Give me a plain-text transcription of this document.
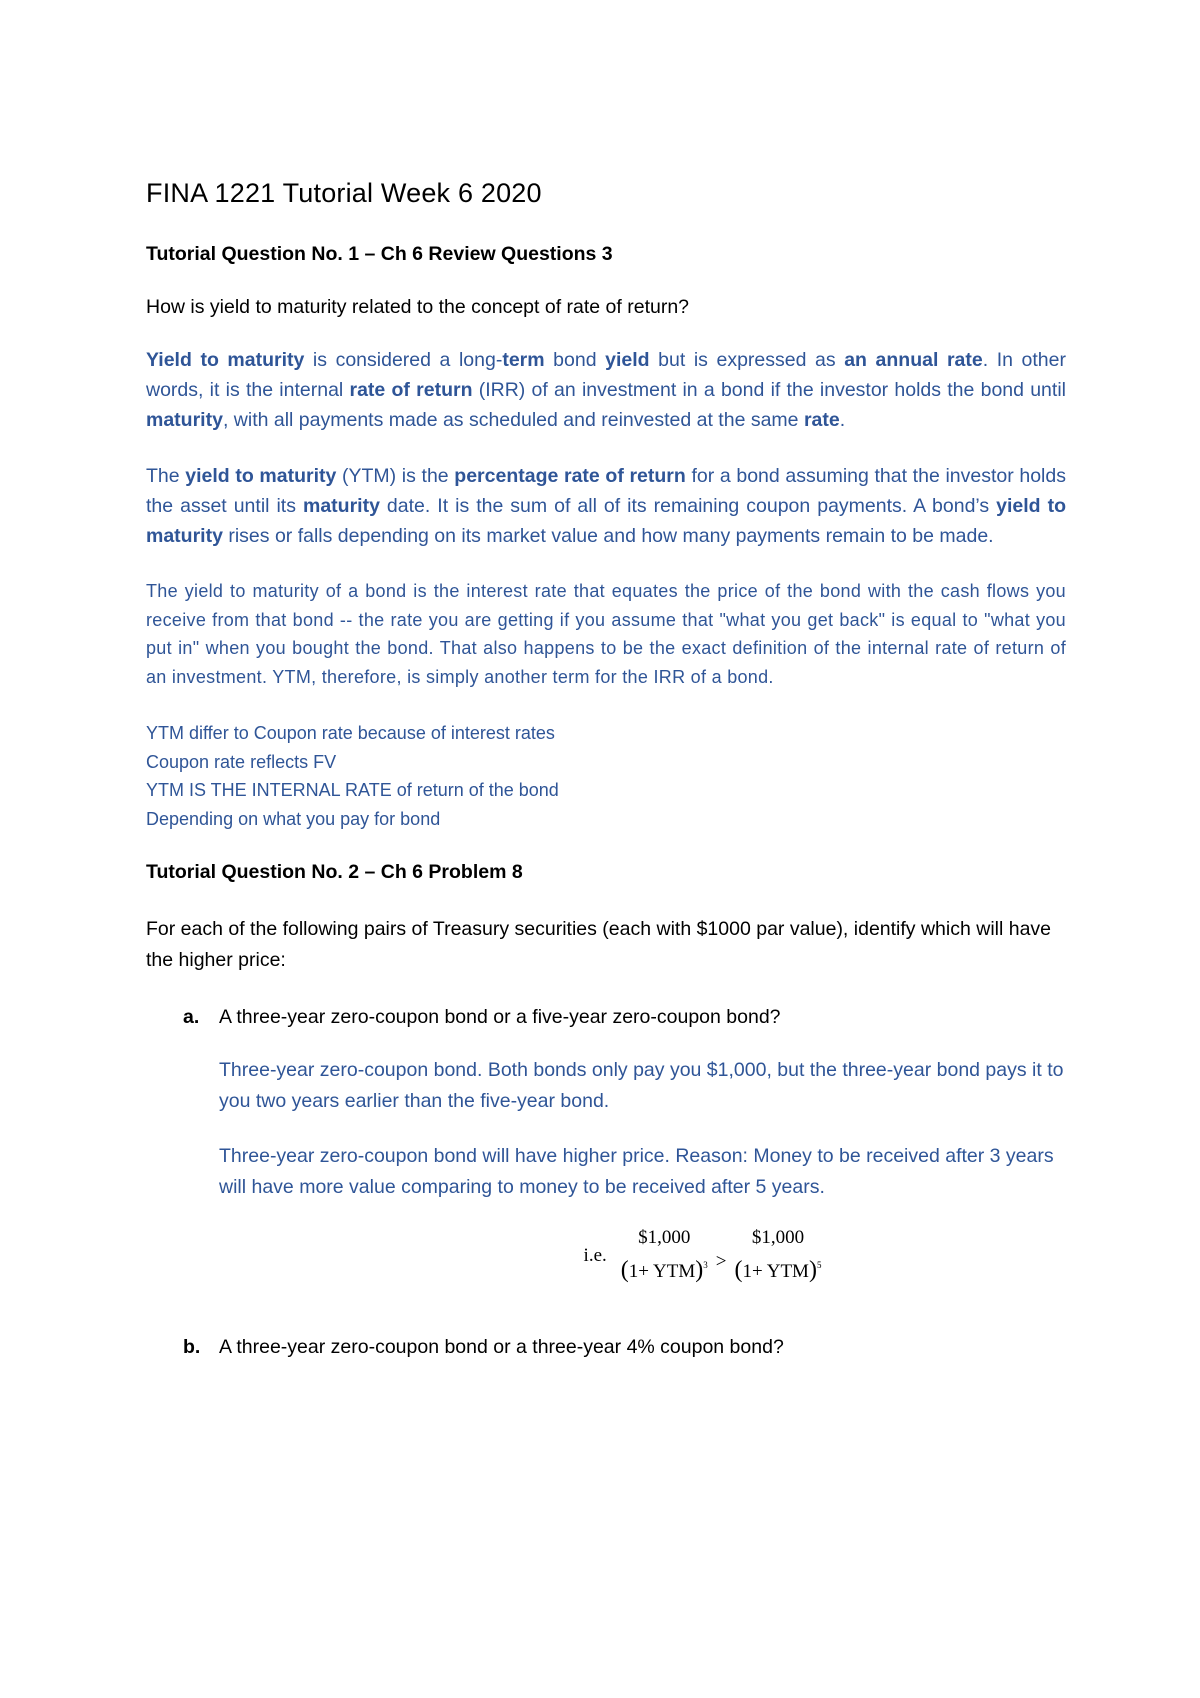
FINA 1221 Tutorial Week 6 2020
Tutorial Question No. 1 – Ch 6 Review Questions 3
How is yield to maturity related to the concept of rate of return?
Yield to maturity is considered a long-term bond yield but is expressed as an annual rate. In other words, it is the internal rate of return (IRR) of an investment in a bond if the investor holds the bond until maturity, with all payments made as scheduled and reinvested at the same rate.
The yield to maturity (YTM) is the percentage rate of return for a bond assuming that the investor holds the asset until its maturity date. It is the sum of all of its remaining coupon payments. A bond’s yield to maturity rises or falls depending on its market value and how many payments remain to be made.
The yield to maturity of a bond is the interest rate that equates the price of the bond with the cash flows you receive from that bond -- the rate you are getting if you assume that "what you get back" is equal to "what you put in" when you bought the bond. That also happens to be the exact definition of the internal rate of return of an investment. YTM, therefore, is simply another term for the IRR of a bond.
YTM differ to Coupon rate because of interest rates
Coupon rate reflects FV
YTM IS THE INTERNAL RATE of return of the bond
Depending on what you pay for bond
Tutorial Question No. 2 – Ch 6 Problem 8
For each of the following pairs of Treasury securities (each with $1000 par value), identify which will have the higher price:
a. A three-year zero-coupon bond or a five-year zero-coupon bond?
Three-year zero-coupon bond. Both bonds only pay you $1,000, but the three-year bond pays it to you two years earlier than the five-year bond.
Three-year zero-coupon bond will have higher price. Reason: Money to be received after 3 years will have more value comparing to money to be received after 5 years.
i.e.
$1,000
(1+ YTM)$^3$ >
$1,000
(1+ YTM)$^5$
b. A three-year zero-coupon bond or a three-year 4% coupon bond?
